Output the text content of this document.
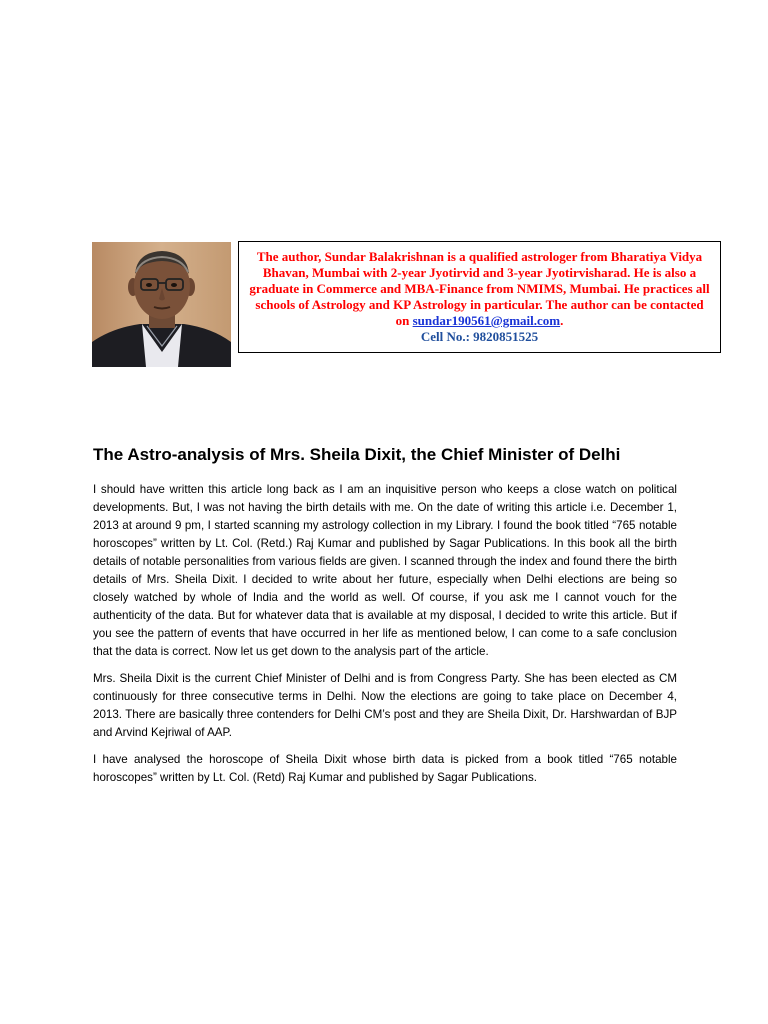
The author, Sundar Balakrishnan is a qualified astrologer from Bharatiya Vidya Bhavan, Mumbai with 2-year Jyotirvid and 3-year Jyotirvisharad. He is also a graduate in Commerce and MBA-Finance from NMIMS, Mumbai. He practices all schools of Astrology and KP Astrology in particular. The author can be contacted on sundar190561@gmail.com.
Cell No.: 9820851525
The Astro-analysis of Mrs. Sheila Dixit, the Chief Minister of Delhi

I should have written this article long back as I am an inquisitive person who keeps a close watch on political developments. But, I was not having the birth details with me. On the date of writing this article i.e. December 1, 2013 at around 9 pm, I started scanning my astrology collection in my Library. I found the book titled “765 notable horoscopes” written by Lt. Col. (Retd.) Raj Kumar and published by Sagar Publications. In this book all the birth details of notable personalities from various fields are given. I scanned through the index and found there the birth details of Mrs. Sheila Dixit. I decided to write about her future, especially when Delhi elections are being so closely watched by whole of India and the world as well. Of course, if you ask me I cannot vouch for the authenticity of the data. But for whatever data that is available at my disposal, I decided to write this article. But if you see the pattern of events that have occurred in her life as mentioned below, I can come to a safe conclusion that the data is correct. Now let us get down to the analysis part of the article.

Mrs. Sheila Dixit is the current Chief Minister of Delhi and is from Congress Party. She has been elected as CM continuously for three consecutive terms in Delhi. Now the elections are going to take place on December 4, 2013. There are basically three contenders for Delhi CM’s post and they are Sheila Dixit, Dr. Harshwardan of BJP and Arvind Kejriwal of AAP.

I have analysed the horoscope of Sheila Dixit whose birth data is picked from a book titled “765 notable horoscopes” written by Lt. Col. (Retd) Raj Kumar and published by Sagar Publications.
